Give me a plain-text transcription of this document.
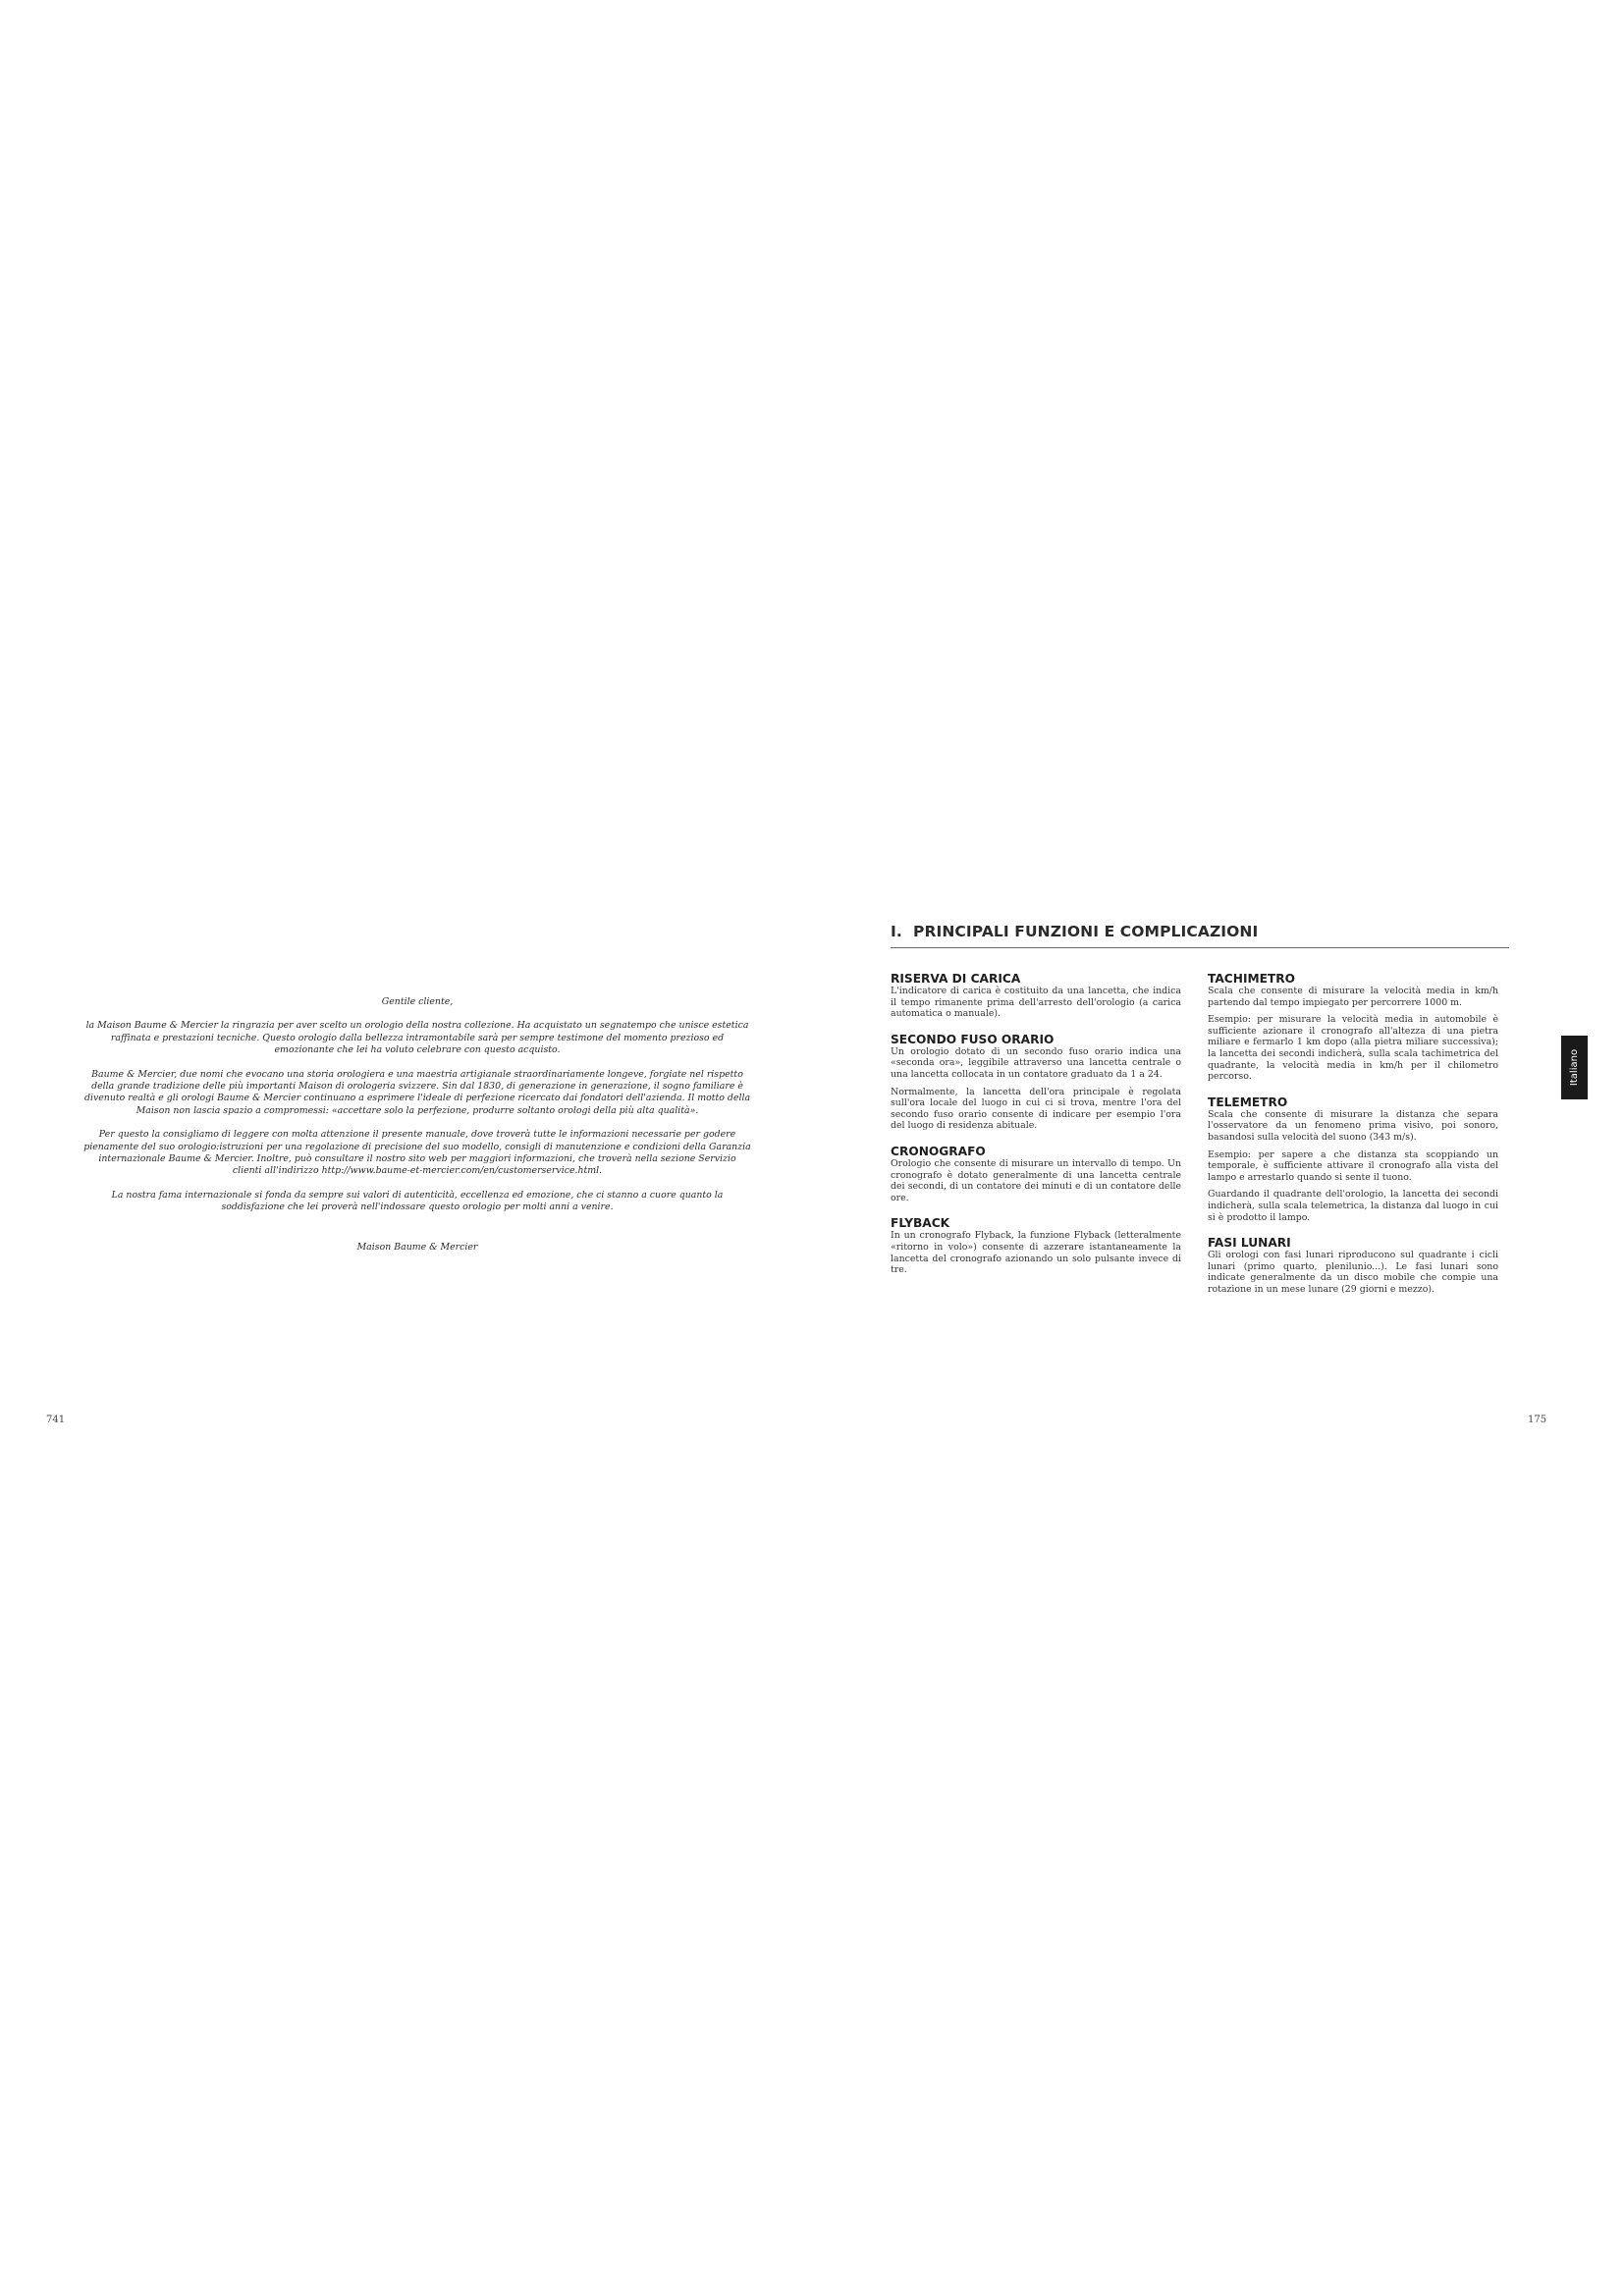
Gentile cliente,

la Maison Baume & Mercier la ringrazia per aver scelto un orologio della nostra collezione. Ha acquistato un segnatempo che unisce estetica raffinata e prestazioni tecniche. Questo orologio dalla bellezza intramontabile sarà per sempre testimone del momento prezioso ed emozionante che lei ha voluto celebrare con questo acquisto.

Baume & Mercier, due nomi che evocano una storia orologiera e una maestria artigianale straordinariamente longeve, forgiate nel rispetto della grande tradizione delle più importanti Maison di orologeria svizzere. Sin dal 1830, di generazione in generazione, il sogno familiare è divenuto realtà e gli orologi Baume & Mercier continuano a esprimere l'ideale di perfezione ricercato dai fondatori dell'azienda. Il motto della Maison non lascia spazio a compromessi: «accettare solo la perfezione, produrre soltanto orologi della più alta qualità».

Per questo la consigliamo di leggere con molta attenzione il presente manuale, dove troverà tutte le informazioni necessarie per godere pienamente del suo orologio:istruzioni per una regolazione di precisione del suo modello, consigli di manutenzione e condizioni della Garanzia internazionale Baume & Mercier. Inoltre, può consultare il nostro sito web per maggiori informazioni, che troverà nella sezione Servizio clienti all'indirizzo http://www.baume-et-mercier.com/en/customerservice.html.

La nostra fama internazionale si fonda da sempre sui valori di autenticità, eccellenza ed emozione, che ci stanno a cuore quanto la soddisfazione che lei proverà nell'indossare questo orologio per molti anni a venire.

Maison Baume & Mercier

741
I. PRINCIPALI FUNZIONI E COMPLICAZIONI
RISERVA DI CARICA

L'indicatore di carica è costituito da una lancetta, che indica il tempo rimanente prima dell'arresto dell'orologio (a carica automatica o manuale).

SECONDO FUSO ORARIO

Un orologio dotato di un secondo fuso orario indica una «seconda ora», leggibile attraverso una lancetta centrale o una lancetta collocata in un contatore graduato da 1 a 24.

Normalmente, la lancetta dell'ora principale è regolata sull'ora locale del luogo in cui ci si trova, mentre l'ora del secondo fuso orario consente di indicare per esempio l'ora del luogo di residenza abituale.

CRONOGRAFO

Orologio che consente di misurare un intervallo di tempo. Un cronografo è dotato generalmente di una lancetta centrale dei secondi, di un contatore dei minuti e di un contatore delle ore.

FLYBACK

In un cronografo Flyback, la funzione Flyback (letteralmente «ritorno in volo») consente di azzerare istantaneamente la lancetta del cronografo azionando un solo pulsante invece di tre.

TACHIMETRO

Scala che consente di misurare la velocità media in km/h partendo dal tempo impiegato per percorrere 1000 m.

Esempio: per misurare la velocità media in automobile è sufficiente azionare il cronografo all'altezza di una pietra miliare e fermarlo 1 km dopo (alla pietra miliare successiva); la lancetta dei secondi indicherà, sulla scala tachimetrica del quadrante, la velocità media in km/h per il chilometro percorso.

TELEMETRO

Scala che consente di misurare la distanza che separa l'osservatore da un fenomeno prima visivo, poi sonoro, basandosi sulla velocità del suono (343 m/s).

Esempio: per sapere a che distanza sta scoppiando un temporale, è sufficiente attivare il cronografo alla vista del lampo e arrestarlo quando si sente il tuono.

Guardando il quadrante dell'orologio, la lancetta dei secondi indicherà, sulla scala telemetrica, la distanza dal luogo in cui si è prodotto il lampo.

FASI LUNARI

Gli orologi con fasi lunari riproducono sul quadrante i cicli lunari (primo quarto, plenilunio...). Le fasi lunari sono indicate generalmente da un disco mobile che compie una rotazione in un mese lunare (29 giorni e mezzo).

Italiano
175
